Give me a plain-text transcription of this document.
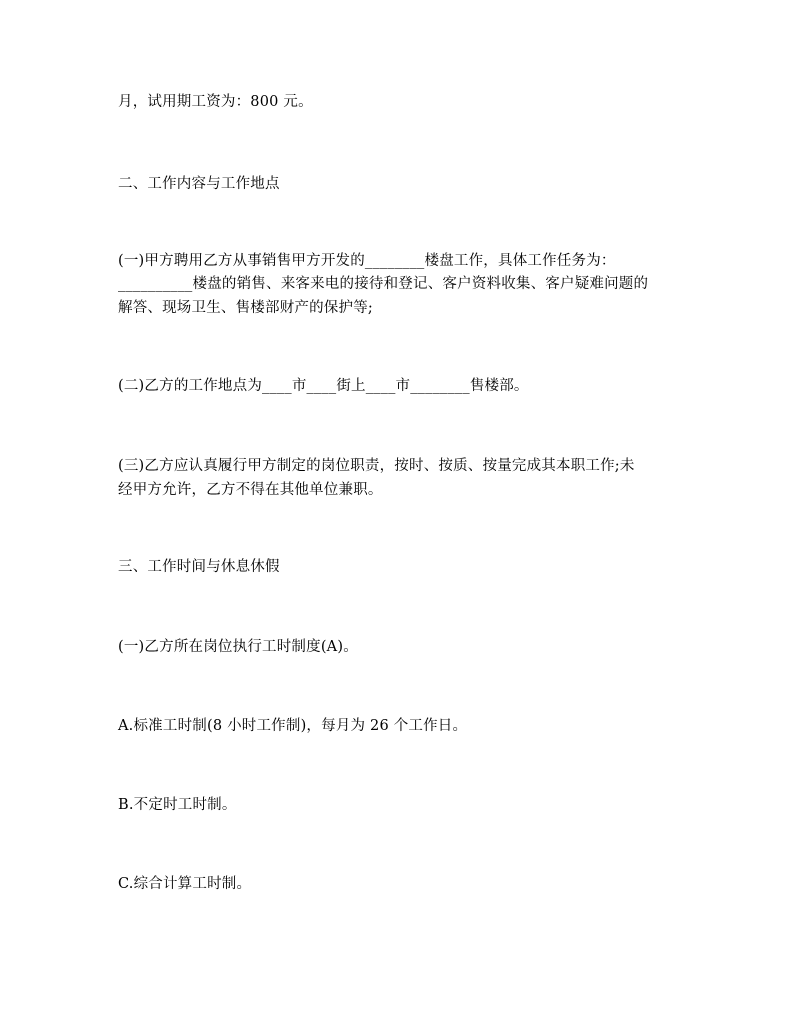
月，试用期工资为：800 元。
二、工作内容与工作地点
(一)甲方聘用乙方从事销售甲方开发的________楼盘工作，具体工作任务为：
__________楼盘的销售、来客来电的接待和登记、客户资料收集、客户疑难问题的
解答、现场卫生、售楼部财产的保护等;
(二)乙方的工作地点为____市____街上____市________售楼部。
(三)乙方应认真履行甲方制定的岗位职责，按时、按质、按量完成其本职工作;未
经甲方允许，乙方不得在其他单位兼职。
三、工作时间与休息休假
(一)乙方所在岗位执行工时制度(A)。
A.标准工时制(8 小时工作制)，每月为 26 个工作日。
B.不定时工时制。
C.综合计算工时制。
